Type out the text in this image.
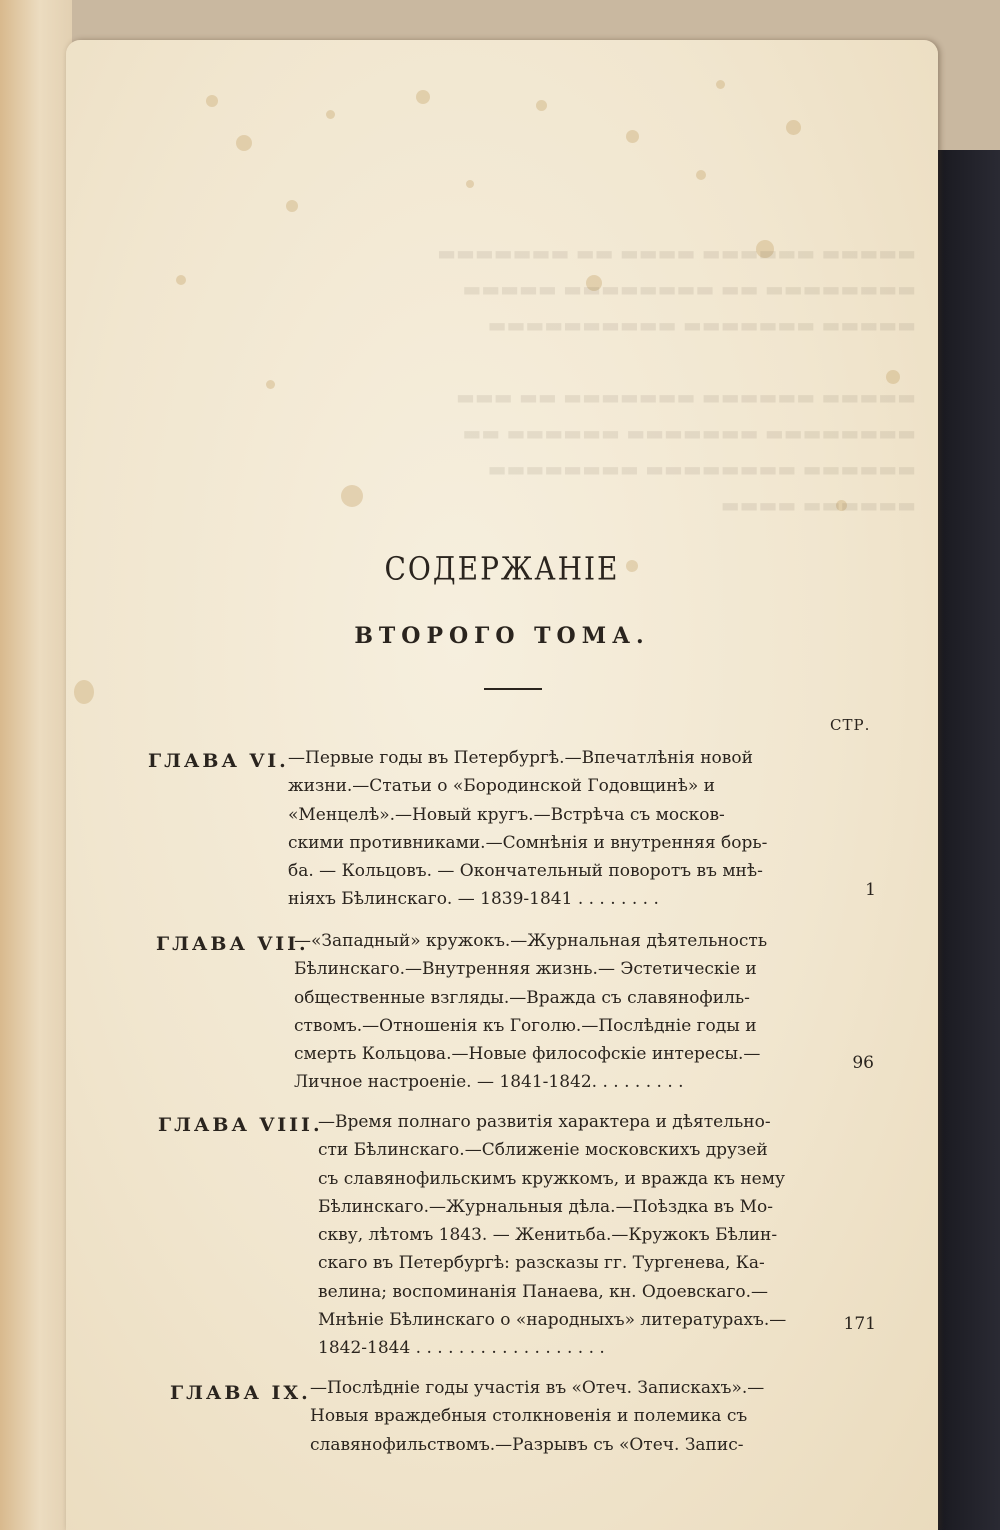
▬▬▬▬▬ ▬▬▬▬▬▬ ▬▬▬▬ ▬▬ ▬▬▬▬▬▬▬
▬▬▬▬▬▬▬▬ ▬▬ ▬▬▬▬▬▬▬▬ ▬▬▬▬▬
▬▬▬▬▬ ▬▬▬▬▬▬▬ ▬▬▬▬▬▬▬▬▬▬

▬▬▬▬▬ ▬▬▬▬▬▬ ▬▬▬▬▬▬▬ ▬▬ ▬▬▬
▬▬▬▬▬▬▬▬ ▬▬▬▬▬▬▬ ▬▬▬▬▬▬ ▬▬
▬▬▬▬▬▬ ▬▬▬▬▬▬▬▬ ▬▬▬▬▬▬▬▬
▬▬▬▬▬▬ ▬▬▬▬
СОДЕРЖАНІЕ
ВТОРОГО ТОМА.
СТР.
ГЛАВА VI. —Первые годы въ Петербургѣ.—Впечатлѣнія новой
жизни.—Статьи о «Бородинской Годовщинѣ» и
«Менцелѣ».—Новый кругъ.—Встрѣча съ москов-
скими противниками.—Сомнѣнія и внутренняя борь-
ба. — Кольцовъ. — Окончательный поворотъ въ мнѣ-
ніяхъ Бѣлинскаго. — 1839-1841 . . . . . . . .	1
ГЛАВА VII.
—«Западный» кружокъ.—Журнальная дѣятельность
Бѣлинскаго.—Внутренняя жизнь.— Эстетическіе и
общественные взгляды.—Вражда съ славянофиль-
ствомъ.—Отношенія къ Гоголю.—Послѣдніе годы и
смерть Кольцова.—Новые философскіе интересы.—
Личное настроеніе. — 1841-1842. . . . . . . . .
96
ГЛАВА VIII.
—Время полнаго развитія характера и дѣятельно-
сти Бѣлинскаго.—Сближеніе московскихъ друзей
съ славянофильскимъ кружкомъ, и вражда къ нему
Бѣлинскаго.—Журнальныя дѣла.—Поѣздка въ Мо-
скву, лѣтомъ 1843. — Женитьба.—Кружокъ Бѣлин-
скаго въ Петербургѣ: разсказы гг. Тургенева, Ка-
велина; воспоминанія Панаева, кн. Одоевскаго.—
Мнѣніе Бѣлинскаго о «народныхъ» литературахъ.—
1842-1844 . . . . . . . . . . . . . . . . . .
171
ГЛАВА IX. —Послѣдніе годы участія въ «Отеч. Запискахъ».—
Новыя враждебныя столкновенія и полемика съ
славянофильствомъ.—Разрывъ съ «Отеч. Запис-
